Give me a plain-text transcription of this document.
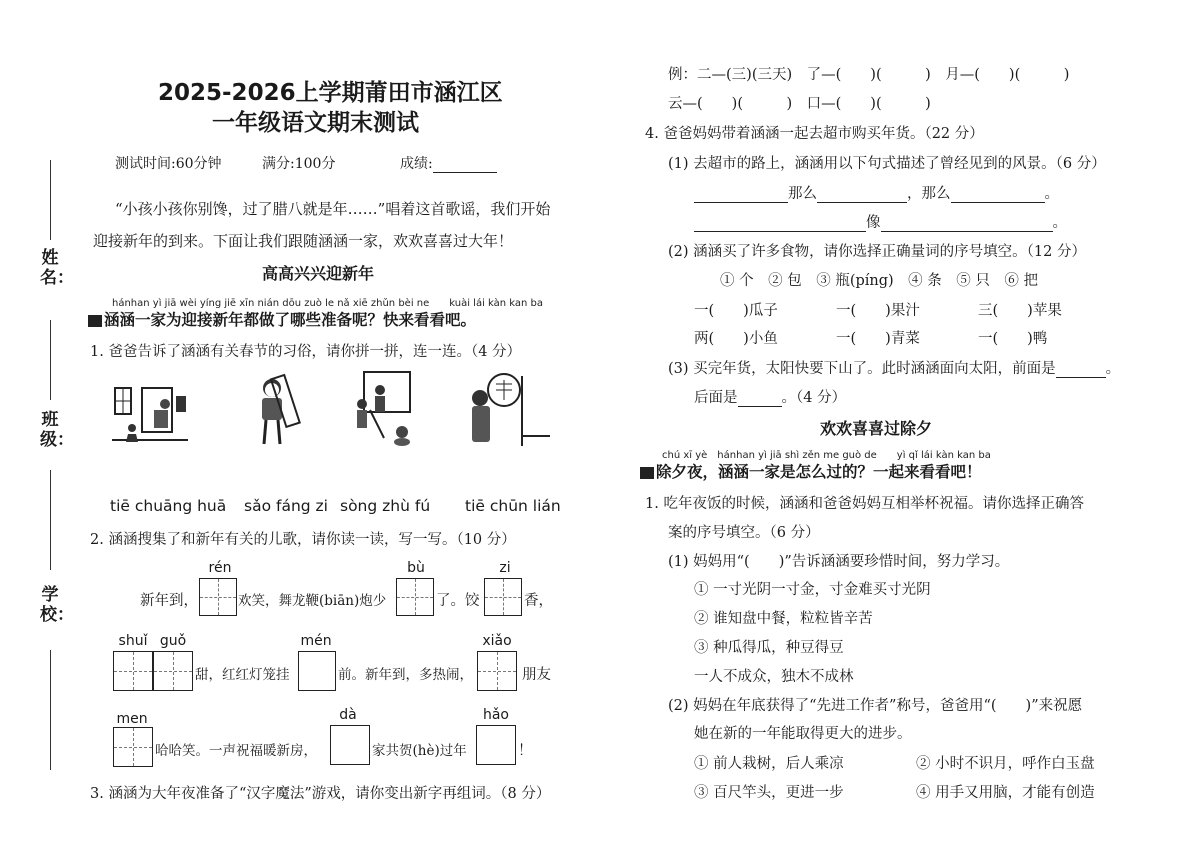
姓名：
班级：
学校：
2025-2026上学期莆田市涵江区
一年级语文期末测试
测试时间:60分钟	满分:100分	成绩:
“小孩小孩你别馋，过了腊八就是年……”唱着这首歌谣，我们开始
迎接新年的到来。下面让我们跟随涵涵一家，欢欢喜喜过大年！
高高兴兴迎新年
hánhan yì jiā wèi yíng jiē xīn nián dōu zuò le nǎ xiē zhǔn bèi ne　　kuài lái kàn kan ba
涵涵一家为迎接新年都做了哪些准备呢？快来看看吧。
1. 爸爸告诉了涵涵有关春节的习俗，请你拼一拼，连一连。（4 分）
tiē chuāng huā sǎo fáng zi sòng zhù fú tiē chūn lián
2. 涵涵搜集了和新年有关的儿歌，请你读一读，写一写。（10 分）
rén	bù	zi
新年到，	欢笑，舞龙鞭(biān)炮少	了。饺	香，
shuǐ guǒ	mén	xiǎo
甜，红红灯笼挂	前。新年到，多热闹，	朋友
men	dà	hǎo
哈哈笑。一声祝福暖新房，	家共贺(hè)过年	！
3. 涵涵为大年夜准备了“汉字魔法”游戏，请你变出新字再组词。（8 分）
例：二—(三)(三天)　了—(　　)(　　　)　月—(　　)(　　　)
云—(　　)(　　　)　口—(　　)(　　　)
4. 爸爸妈妈带着涵涵一起去超市购买年货。（22 分）
(1) 去超市的路上，涵涵用以下句式描述了曾经见到的风景。（6 分）
那么	，那么	。
像	。
(2) 涵涵买了许多食物，请你选择正确量词的序号填空。（12 分）
① 个　② 包　③ 瓶(píng)　④ 条　⑤ 只　⑥ 把
一(　　)瓜子	一(　　)果汁	三(　　)苹果
两(　　)小鱼	一(　　)青菜	一(　　)鸭
(3) 买完年货，太阳快要下山了。此时涵涵面向太阳，前面是	。
后面是	。（4 分）
欢欢喜喜过除夕
chú xī yè　hánhan yì jiā shì zěn me guò de　　yì qǐ lái kàn kan ba
除夕夜，涵涵一家是怎么过的？一起来看看吧！
1. 吃年夜饭的时候，涵涵和爸爸妈妈互相举杯祝福。请你选择正确答
案的序号填空。（6 分）
(1) 妈妈用“(　　)”告诉涵涵要珍惜时间，努力学习。
① 一寸光阴一寸金，寸金难买寸光阴
② 谁知盘中餐，粒粒皆辛苦
③ 种瓜得瓜，种豆得豆
一人不成众，独木不成林
(2) 妈妈在年底获得了“先进工作者”称号，爸爸用“(　　)”来祝愿
她在新的一年能取得更大的进步。
① 前人栽树，后人乘凉	② 小时不识月，呼作白玉盘
③ 百尺竿头，更进一步	④ 用手又用脑，才能有创造
